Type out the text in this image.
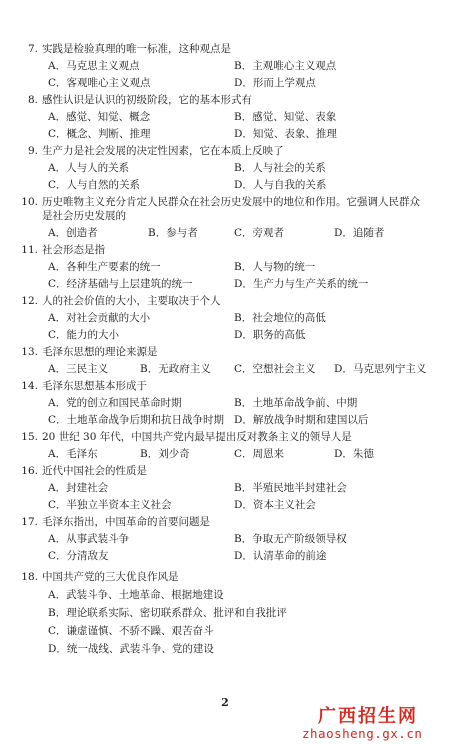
7. 实践是检验真理的唯一标准，这种观点是
A．马克思主义观点	B．主观唯心主义观点
C．客观唯心主义观点	D．形而上学观点
8. 感性认识是认识的初级阶段，它的基本形式有
A．感觉、知觉、概念	B．感觉、知觉、表象
C．概念、判断、推理	D．知觉、表象、推理
9. 生产力是社会发展的决定性因素，它在本质上反映了
A．人与人的关系	B．人与社会的关系
C．人与自然的关系	D．人与自我的关系
10. 历史唯物主义充分肯定人民群众在社会历史发展中的地位和作用。它强调人民群众
是社会历史发展的
A．创造者	B．参与者	C．旁观者	D．追随者
11. 社会形态是指
A．各种生产要素的统一	B．人与物的统一
C．经济基础与上层建筑的统一	D．生产力与生产关系的统一
12. 人的社会价值的大小，主要取决于个人
A．对社会贡献的大小	B．社会地位的高低
C．能力的大小	D．职务的高低
13. 毛泽东思想的理论来源是
A．三民主义	B．无政府主义 C．空想社会主义 D．马克思列宁主义
14. 毛泽东思想基本形成于
A．党的创立和国民革命时期	B．土地革命战争前、中期
C．土地革命战争后期和抗日战争时期 D．解放战争时期和建国以后
15. 20 世纪 30 年代，中国共产党内最早提出反对教条主义的领导人是
A．毛泽东	B．刘少奇	C．周恩来	D．朱德
16. 近代中国社会的性质是
A．封建社会	B．半殖民地半封建社会
C．半独立半资本主义社会	D．资本主义社会
17. 毛泽东指出，中国革命的首要问题是
A．从事武装斗争	B．争取无产阶级领导权
C．分清敌友	D．认清革命的前途
18. 中国共产党的三大优良作风是
A．武装斗争、土地革命、根据地建设
B．理论联系实际、密切联系群众、批评和自我批评
C．谦虚谨慎、不骄不躁、艰苦奋斗
D．统一战线、武装斗争、党的建设
2
广西招生网
zhaosheng.gx.cn
